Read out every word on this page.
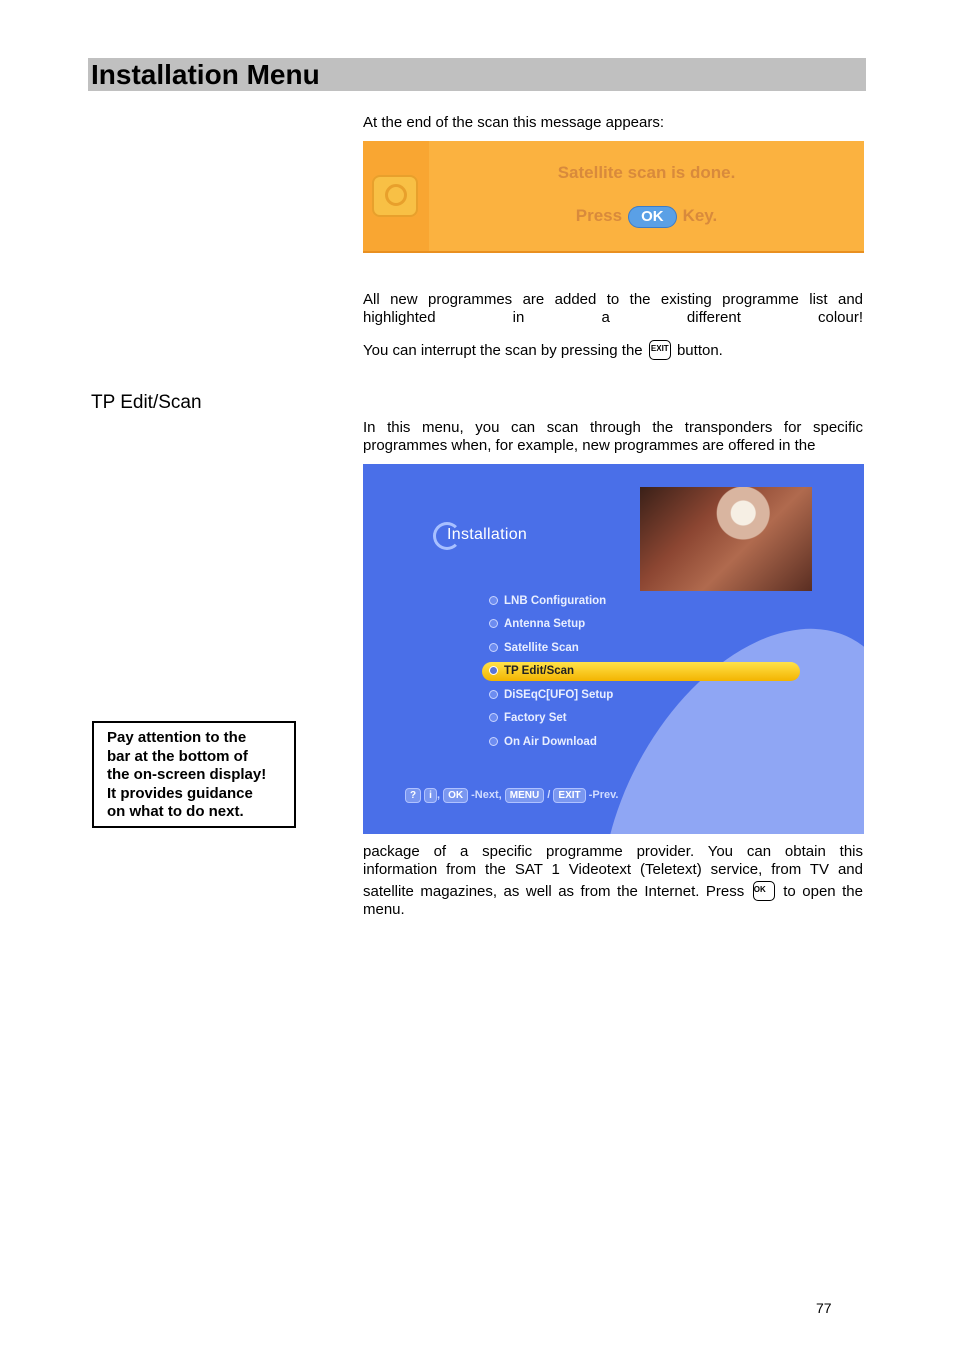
Installation Menu
At the end of the scan this message appears:
Satellite scan is done.
Press OK Key.
All new programmes are added to the existing programme list and highlighted in a different colour!
You can interrupt the scan by pressing the EXIT button.
TP Edit/Scan
In this menu, you can scan through the transponders for specific
programmes when, for example, new programmes are offered in the
Installation
LNB Configuration
Antenna Setup
Satellite Scan
TP Edit/Scan
DiSEqC[UFO] Setup
Factory Set
On Air Download
? i , OK -Next, MENU / EXIT -Prev.
package of a specific programme provider. You can obtain this
information from the SAT 1 Videotext (Teletext) service, from TV and
satellite magazines, as well as from the Internet. Press OK to open the
menu.
Pay attention to the
bar at the bottom of
the on-screen display!
It provides guidance
on what to do next.
77
